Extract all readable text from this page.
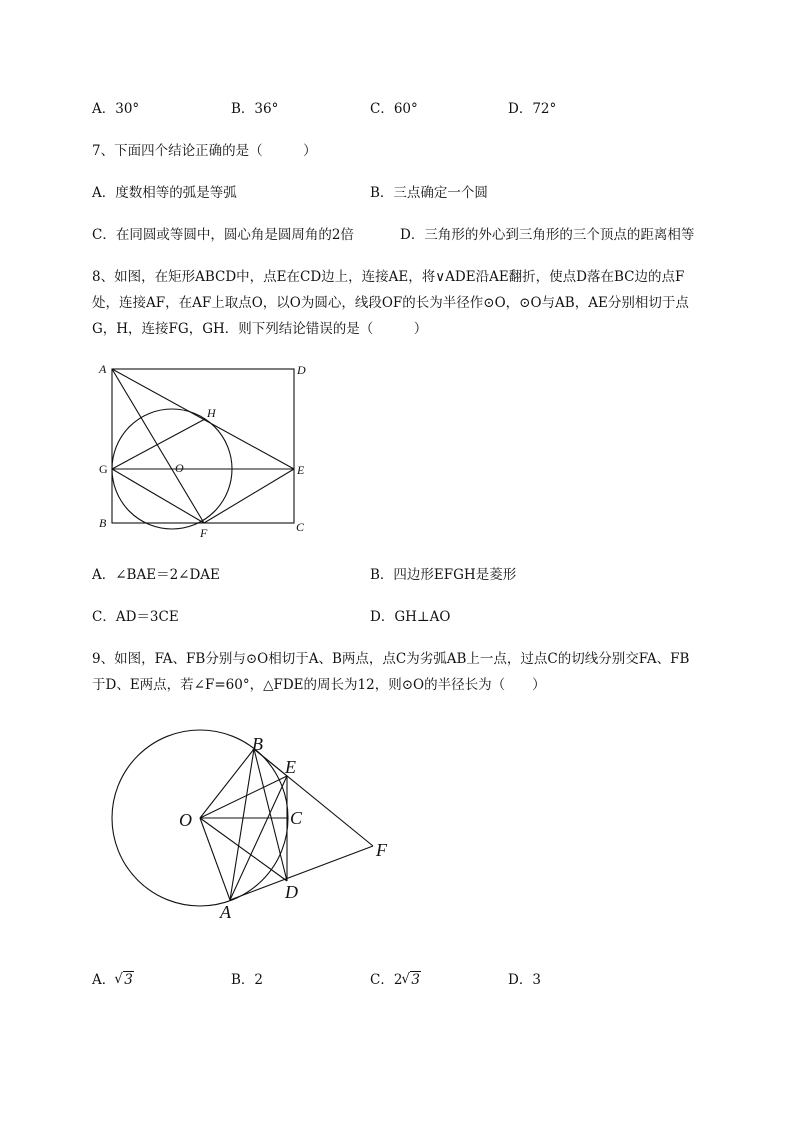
A．30°	B．36°	C．60°	D．72°
7、下面四个结论正确的是（　　　）
A．度数相等的弧是等弧	B．三点确定一个圆
C．在同圆或等圆中，圆心角是圆周角的2倍	D．三角形的外心到三角形的三个顶点的距离相等
8、如图，在矩形ABCD中，点E在CD边上，连接AE，将∨ADE沿AE翻折，使点D落在BC边的点F
处，连接AF，在AF上取点O，以O为圆心，线段OF的长为半径作⊙O，⊙O与AB，AE分别相切于点
G，H，连接FG，GH．则下列结论错误的是（　　　）
A	D
H
G	O	E
B
F	C
A．∠BAE＝2∠DAE	B．四边形EFGH是菱形
C．AD＝3CE	D．GH⊥AO
9、如图，FA、FB分别与⊙O相切于A、B两点，点C为劣弧AB上一点，过点C的切线分别交FA、FB
于D、E两点，若∠F=60°，△FDE的周长为12，则⊙O的半径长为（　　）
B
E
O	C
F
D
A
A． √ 3	B．2	C．2 √ 3	D．3
